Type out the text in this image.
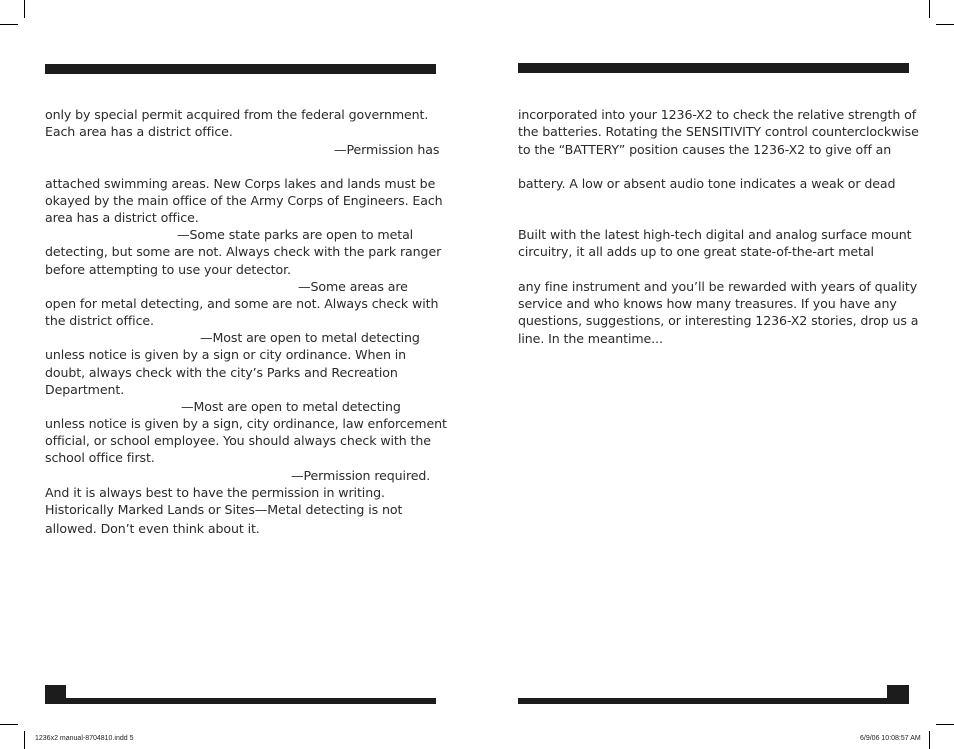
only by special permit acquired from the federal government.
Each area has a district office.
—Permission has
attached swimming areas. New Corps lakes and lands must be
okayed by the main office of the Army Corps of Engineers. Each
area has a district office.
—Some state parks are open to metal
detecting, but some are not. Always check with the park ranger
before attempting to use your detector.
—Some areas are
open for metal detecting, and some are not. Always check with
the district office.
—Most are open to metal detecting
unless notice is given by a sign or city ordinance. When in
doubt, always check with the city’s Parks and Recreation
Department.
—Most are open to metal detecting
unless notice is given by a sign, city ordinance, law enforcement
official, or school employee. You should always check with the
school office first.
—Permission required.
And it is always best to have the permission in writing.
Historically Marked Lands or Sites—Metal detecting is not
allowed. Don’t even think about it.
incorporated into your 1236-X2 to check the relative strength of
the batteries. Rotating the SENSITIVITY control counterclockwise
to the “BATTERY” position causes the 1236-X2 to give off an
battery. A low or absent audio tone indicates a weak or dead
Built with the latest high-tech digital and analog surface mount
circuitry, it all adds up to one great state-of-the-art metal
any fine instrument and you’ll be rewarded with years of quality
service and who knows how many treasures. If you have any
questions, suggestions, or interesting 1236-X2 stories, drop us a
line. In the meantime...
1236x2 manual-8704810.indd 5	6/9/06 10:08:57 AM
